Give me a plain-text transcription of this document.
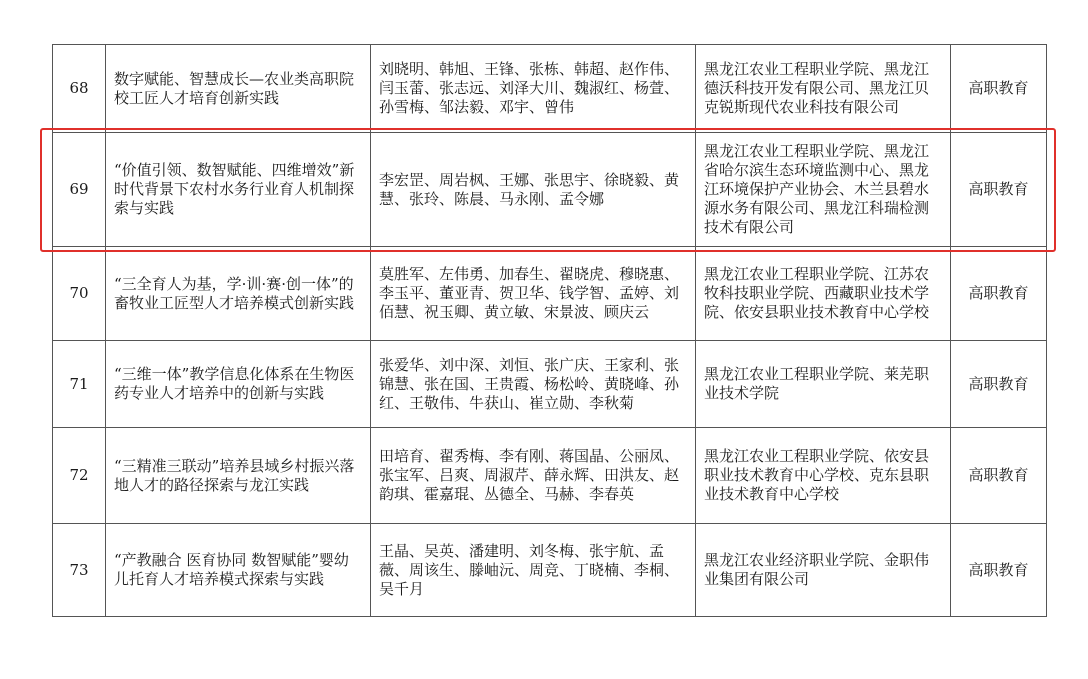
68	数字赋能、智慧成长—农业类高职院校工匠人才培育创新实践	刘晓明、韩旭、王锋、张栋、韩超、赵作伟、闫玉蕾、张志远、刘泽大川、魏淑红、杨萱、孙雪梅、邹法毅、邓宇、曾伟	黑龙江农业工程职业学院、黑龙江德沃科技开发有限公司、黑龙江贝克锐斯现代农业科技有限公司	高职教育
69	“价值引领、数智赋能、四维增效”新时代背景下农村水务行业育人机制探索与实践	李宏罡、周岩枫、王娜、张思宇、徐晓毅、黄慧、张玲、陈晨、马永刚、孟令娜	黑龙江农业工程职业学院、黑龙江省哈尔滨生态环境监测中心、黑龙江环境保护产业协会、木兰县碧水源水务有限公司、黑龙江科瑞检测技术有限公司	高职教育
70	“三全育人为基，学·训·赛·创一体”的畜牧业工匠型人才培养模式创新实践	莫胜军、左伟勇、加春生、翟晓虎、穆晓惠、李玉平、董亚青、贺卫华、钱学智、孟婷、刘佰慧、祝玉卿、黄立敏、宋景波、顾庆云	黑龙江农业工程职业学院、江苏农牧科技职业学院、西藏职业技术学院、依安县职业技术教育中心学校	高职教育
71	“三维一体”教学信息化体系在生物医药专业人才培养中的创新与实践	张爱华、刘中深、刘恒、张广庆、王家利、张锦慧、张在国、王贵霞、杨松岭、黄晓峰、孙红、王敬伟、牛获山、崔立勋、李秋菊	黑龙江农业工程职业学院、莱芜职业技术学院	高职教育
72	“三精准三联动”培养县域乡村振兴落地人才的路径探索与龙江实践	田培育、翟秀梅、李有刚、蒋国晶、公丽凤、张宝军、吕爽、周淑芹、薛永辉、田洪友、赵韵琪、霍嘉琨、丛德全、马赫、李春英	黑龙江农业工程职业学院、依安县职业技术教育中心学校、克东县职业技术教育中心学校	高职教育
73	“产教融合 医育协同 数智赋能”婴幼儿托育人才培养模式探索与实践	王晶、吴英、潘建明、刘冬梅、张宇航、孟薇、周该生、滕岫沅、周竞、丁晓楠、李桐、吴千月	黑龙江农业经济职业学院、金职伟业集团有限公司	高职教育
